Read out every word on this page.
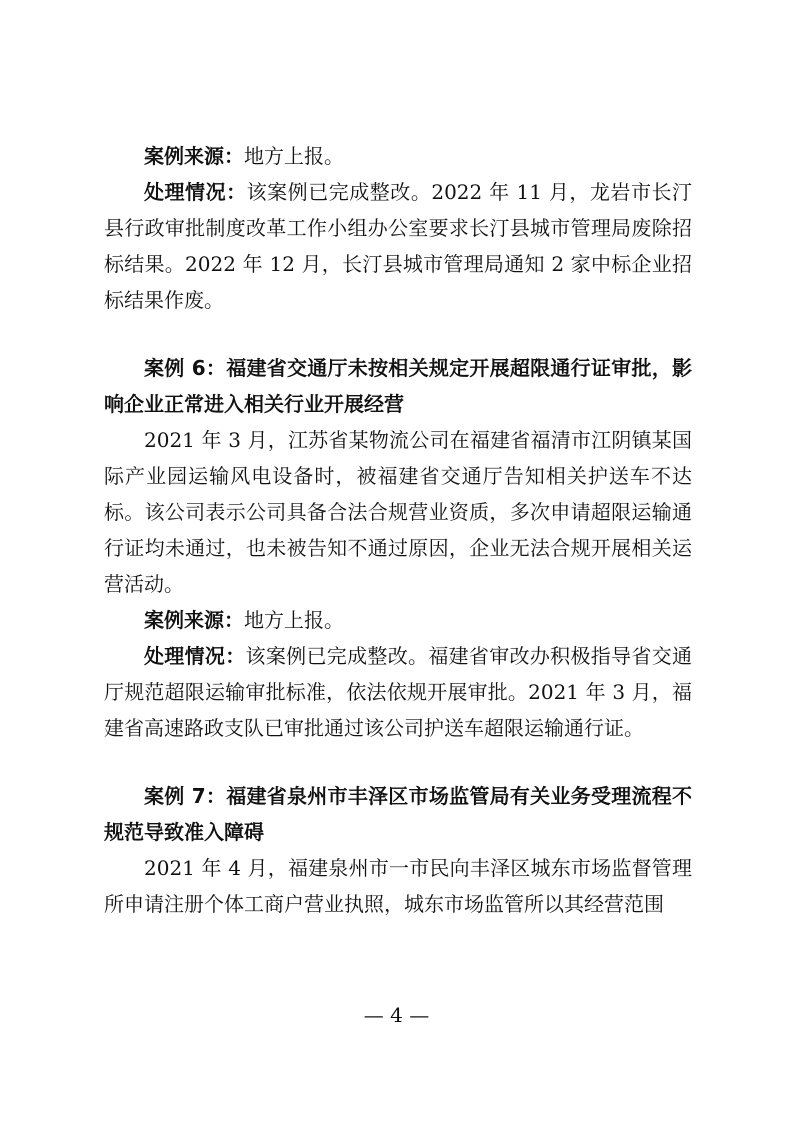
案例来源：地方上报。

处理情况：该案例已完成整改。2022 年 11 月，龙岩市长汀县行政审批制度改革工作小组办公室要求长汀县城市管理局废除招标结果。2022 年 12 月，长汀县城市管理局通知 2 家中标企业招标结果作废。

案例 6：福建省交通厅未按相关规定开展超限通行证审批，影响企业正常进入相关行业开展经营

2021 年 3 月，江苏省某物流公司在福建省福清市江阴镇某国际产业园运输风电设备时，被福建省交通厅告知相关护送车不达标。该公司表示公司具备合法合规营业资质，多次申请超限运输通行证均未通过，也未被告知不通过原因，企业无法合规开展相关运营活动。

案例来源：地方上报。

处理情况：该案例已完成整改。福建省审改办积极指导省交通厅规范超限运输审批标准，依法依规开展审批。2021 年 3 月，福建省高速路政支队已审批通过该公司护送车超限运输通行证。

案例 7：福建省泉州市丰泽区市场监管局有关业务受理流程不规范导致准入障碍

2021 年 4 月，福建泉州市一市民向丰泽区城东市场监督管理所申请注册个体工商户营业执照，城东市场监管所以其经营范围

— 4 —
